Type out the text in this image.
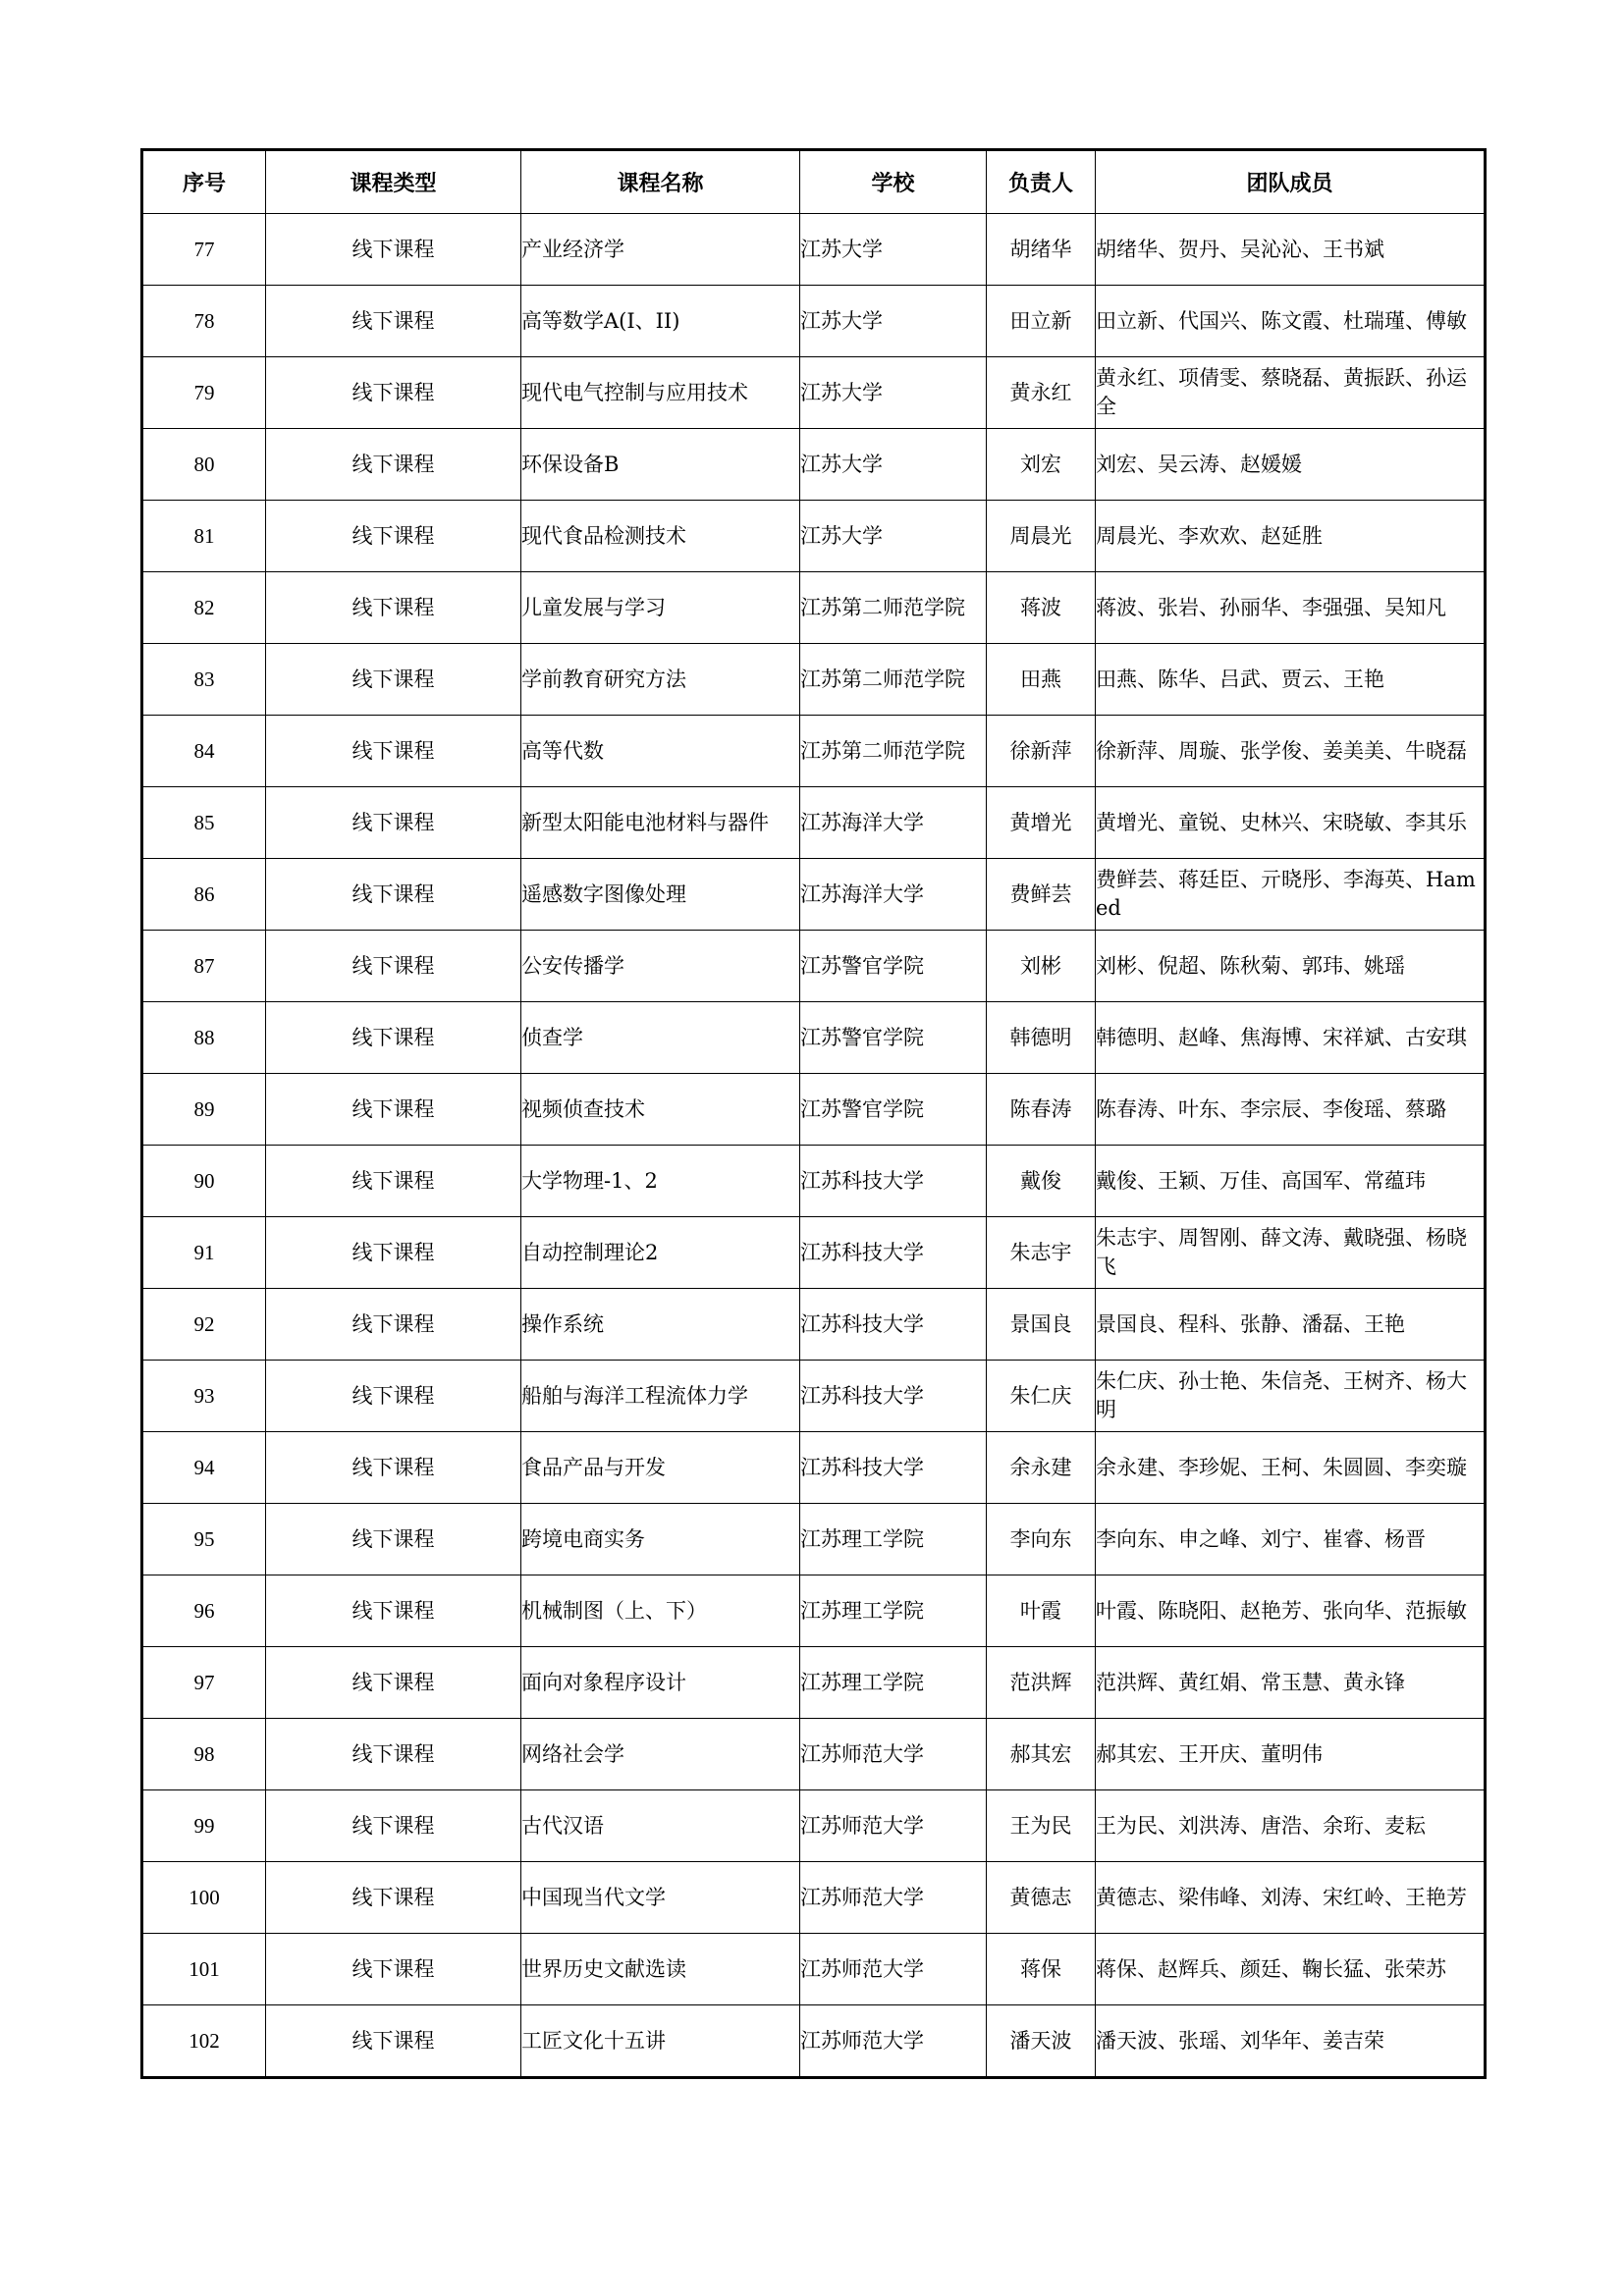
序号	课程类型	课程名称	学校	负责人	团队成员
77	线下课程	产业经济学	江苏大学	胡绪华	胡绪华、贺丹、吴沁沁、王书斌
78	线下课程	高等数学A(I、II)	江苏大学	田立新	田立新、代国兴、陈文霞、杜瑞瑾、傅敏
79	线下课程	现代电气控制与应用技术	江苏大学	黄永红	黄永红、项倩雯、蔡晓磊、黄振跃、孙运全
80	线下课程	环保设备B	江苏大学	刘宏	刘宏、吴云涛、赵媛媛
81	线下课程	现代食品检测技术	江苏大学	周晨光	周晨光、李欢欢、赵延胜
82	线下课程	儿童发展与学习	江苏第二师范学院	蒋波	蒋波、张岩、孙丽华、李强强、吴知凡
83	线下课程	学前教育研究方法	江苏第二师范学院	田燕	田燕、陈华、吕武、贾云、王艳
84	线下课程	高等代数	江苏第二师范学院	徐新萍	徐新萍、周璇、张学俊、姜美美、牛晓磊
85	线下课程	新型太阳能电池材料与器件	江苏海洋大学	黄增光	黄增光、童锐、史林兴、宋晓敏、李其乐
86	线下课程	遥感数字图像处理	江苏海洋大学	费鲜芸	费鲜芸、蒋廷臣、亓晓彤、李海英、Hamed
87	线下课程	公安传播学	江苏警官学院	刘彬	刘彬、倪超、陈秋菊、郭玮、姚瑶
88	线下课程	侦查学	江苏警官学院	韩德明	韩德明、赵峰、焦海博、宋祥斌、古安琪
89	线下课程	视频侦查技术	江苏警官学院	陈春涛	陈春涛、叶东、李宗辰、李俊瑶、蔡璐
90	线下课程	大学物理-1、2	江苏科技大学	戴俊	戴俊、王颖、万佳、高国军、常蕴玮
91	线下课程	自动控制理论2	江苏科技大学	朱志宇	朱志宇、周智刚、薛文涛、戴晓强、杨晓飞
92	线下课程	操作系统	江苏科技大学	景国良	景国良、程科、张静、潘磊、王艳
93	线下课程	船舶与海洋工程流体力学	江苏科技大学	朱仁庆	朱仁庆、孙士艳、朱信尧、王树齐、杨大明
94	线下课程	食品产品与开发	江苏科技大学	余永建	余永建、李珍妮、王柯、朱圆圆、李奕璇
95	线下课程	跨境电商实务	江苏理工学院	李向东	李向东、申之峰、刘宁、崔睿、杨晋
96	线下课程	机械制图（上、下）	江苏理工学院	叶霞	叶霞、陈晓阳、赵艳芳、张向华、范振敏
97	线下课程	面向对象程序设计	江苏理工学院	范洪辉	范洪辉、黄红娟、常玉慧、黄永锋
98	线下课程	网络社会学	江苏师范大学	郝其宏	郝其宏、王开庆、董明伟
99	线下课程	古代汉语	江苏师范大学	王为民	王为民、刘洪涛、唐浩、余珩、麦耘
100	线下课程	中国现当代文学	江苏师范大学	黄德志	黄德志、梁伟峰、刘涛、宋红岭、王艳芳
101	线下课程	世界历史文献选读	江苏师范大学	蒋保	蒋保、赵辉兵、颜廷、鞠长猛、张荣苏
102	线下课程	工匠文化十五讲	江苏师范大学	潘天波	潘天波、张瑶、刘华年、姜吉荣
